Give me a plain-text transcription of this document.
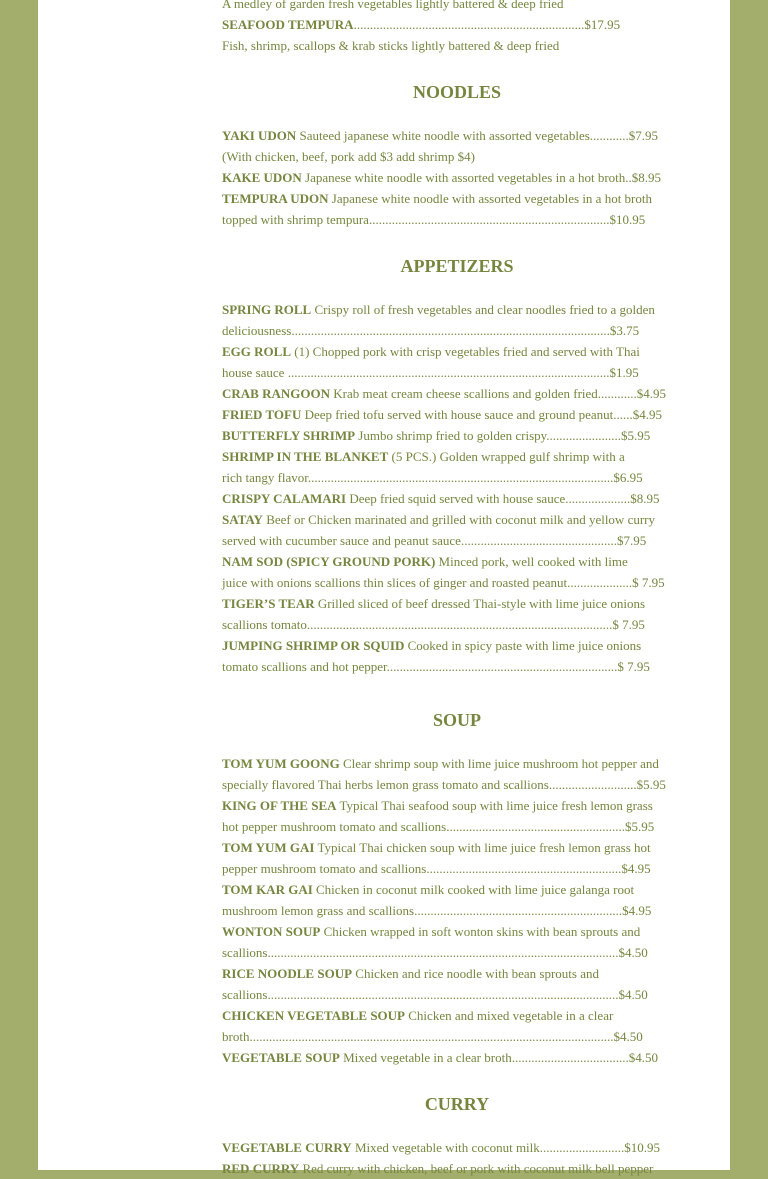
A medley of garden fresh vegetables lightly battered & deep fried
SEAFOOD TEMPURA.......................................................................$17.95
Fish, shrimp, scallops & krab sticks lightly battered & deep fried
NOODLES
YAKI UDON Sauteed japanese white noodle with assorted vegetables............$7.95
(With chicken, beef, pork add $3 add shrimp $4)
KAKE UDON Japanese white noodle with assorted vegetables in a hot broth..$8.95
TEMPURA UDON Japanese white noodle with assorted vegetables in a hot broth
topped with shrimp tempura..........................................................................$10.95
APPETIZERS
SPRING ROLL Crispy roll of fresh vegetables and clear noodles fried to a golden
deliciousness..................................................................................................$3.75
EGG ROLL (1) Chopped pork with crisp vegetables fried and served with Thai
house sauce ...................................................................................................$1.95
CRAB RANGOON Krab meat cream cheese scallions and golden fried............$4.95
FRIED TOFU Deep fried tofu served with house sauce and ground peanut......$4.95
BUTTERFLY SHRIMP Jumbo shrimp fried to golden crispy.......................$5.95
SHRIMP IN THE BLANKET (5 PCS.) Golden wrapped gulf shrimp with a
rich tangy flavor..............................................................................................$6.95
CRISPY CALAMARI Deep fried squid served with house sauce....................$8.95
SATAY Beef or Chicken marinated and grilled with coconut milk and yellow curry
served with cucumber sauce and peanut sauce................................................$7.95
NAM SOD (SPICY GROUND PORK) Minced pork, well cooked with lime
juice with onions scallions thin slices of ginger and roasted peanut....................$ 7.95
TIGER’S TEAR Grilled sliced of beef dressed Thai-style with lime juice onions
scallions tomato..............................................................................................$ 7.95
JUMPING SHRIMP OR SQUID Cooked in spicy paste with lime juice onions
tomato scallions and hot pepper.......................................................................$ 7.95
SOUP
TOM YUM GOONG Clear shrimp soup with lime juice mushroom hot pepper and
specially flavored Thai herbs lemon grass tomato and scallions...........................$5.95
KING OF THE SEA Typical Thai seafood soup with lime juice fresh lemon grass
hot pepper mushroom tomato and scallions.......................................................$5.95
TOM YUM GAI Typical Thai chicken soup with lime juice fresh lemon grass hot
pepper mushroom tomato and scallions............................................................$4.95
TOM KAR GAI Chicken in coconut milk cooked with lime juice galanga root
mushroom lemon grass and scallions................................................................$4.95
WONTON SOUP Chicken wrapped in soft wonton skins with bean sprouts and
scallions............................................................................................................$4.50
RICE NOODLE SOUP Chicken and rice noodle with bean sprouts and
scallions............................................................................................................$4.50
CHICKEN VEGETABLE SOUP Chicken and mixed vegetable in a clear
broth................................................................................................................$4.50
VEGETABLE SOUP Mixed vegetable in a clear broth....................................$4.50
CURRY
VEGETABLE CURRY Mixed vegetable with coconut milk..........................$10.95
RED CURRY Red curry with chicken, beef or pork with coconut milk bell pepper
